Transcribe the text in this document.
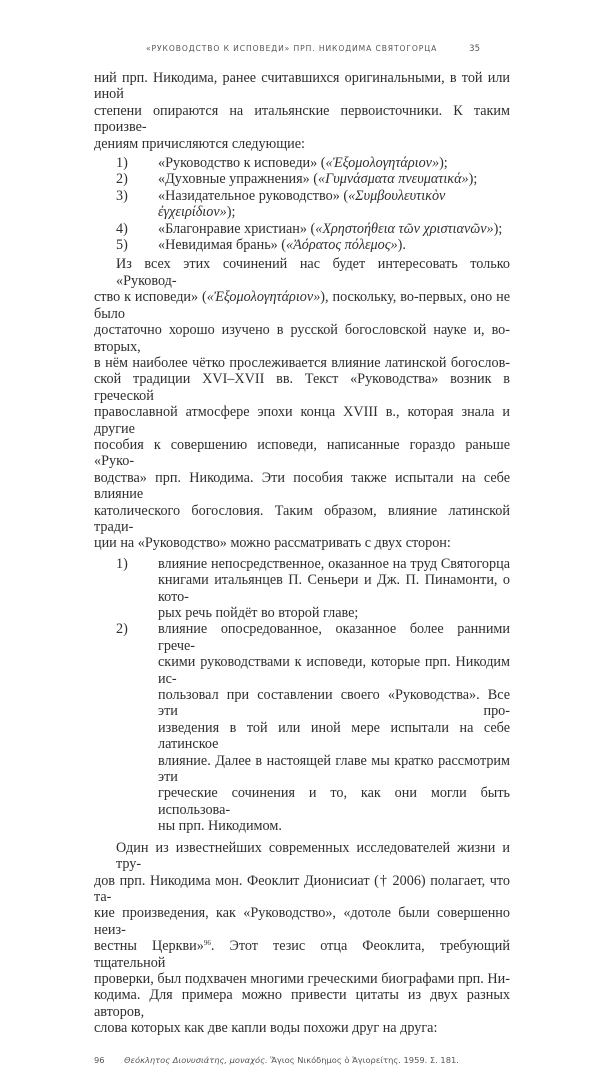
«РУКОВОДСТВО К ИСПОВЕДИ» ПРП. НИКОДИМА СВЯТОГОРЦА	35
ний прп. Никодима, ранее считавшихся оригинальными, в той или иной
степени опираются на итальянские первоисточники. К таким произве-
дениям причисляются следующие:
1)	«Руководство к исповеди» («Ἐξομολογητάριον»);
2)	«Духовные упражнения» («Γυμνάσματα πνευματικά»);
3)	«Назидательное руководство» («Συμβουλευτικὸν ἐγχειρίδιον»);
4)	«Благонравие христиан» («Χρηστοήθεια τῶν χριστιανῶν»);
5)	«Невидимая брань» («Ἀόρατος πόλεμος»).
Из всех этих сочинений нас будет интересовать только «Руковод-
ство к исповеди» («Ἐξομολογητάριον»), поскольку, во-первых, оно не было
достаточно хорошо изучено в русской богословской науке и, во-вторых,
в нём наиболее чётко прослеживается влияние латинской богослов-
ской традиции XVI–XVII вв. Текст «Руководства» возник в греческой
православной атмосфере эпохи конца XVIII в., которая знала и другие
пособия к совершению исповеди, написанные гораздо раньше «Руко-
водства» прп. Никодима. Эти пособия также испытали на себе влияние
католического богословия. Таким образом, влияние латинской тради-
ции на «Руководство» можно рассматривать с двух сторон:
1)	влияние непосредственное, оказанное на труд Святогорца
книгами итальянцев П. Сеньери и Дж. П. Пинамонти, о кото-
рых речь пойдёт во второй главе;
2)	влияние опосредованное, оказанное более ранними грече-
скими руководствами к исповеди, которые прп. Никодим ис-
пользовал при составлении своего «Руководства». Все эти про-
изведения в той или иной мере испытали на себе латинское
влияние. Далее в настоящей главе мы кратко рассмотрим эти
греческие сочинения и то, как они могли быть использова-
ны прп. Никодимом.
Один из известнейших современных исследователей жизни и тру-
дов прп. Никодима мон. Феоклит Дионисиат († 2006) полагает, что та-
кие произведения, как «Руководство», «дотоле были совершенно неиз-
вестны Церкви»$^{96}$. Этот тезис отца Феоклита, требующий тщательной
проверки, был подхвачен многими греческими биографами прп. Ни-
кодима. Для примера можно привести цитаты из двух разных авторов,
слова которых как две капли воды похожи друг на друга:
96 Θεόκλητος Διονυσιάτης, μοναχός. Ἅγιος Νικόδημος ὁ Ἁγιορείτης. 1959. Σ. 181.
